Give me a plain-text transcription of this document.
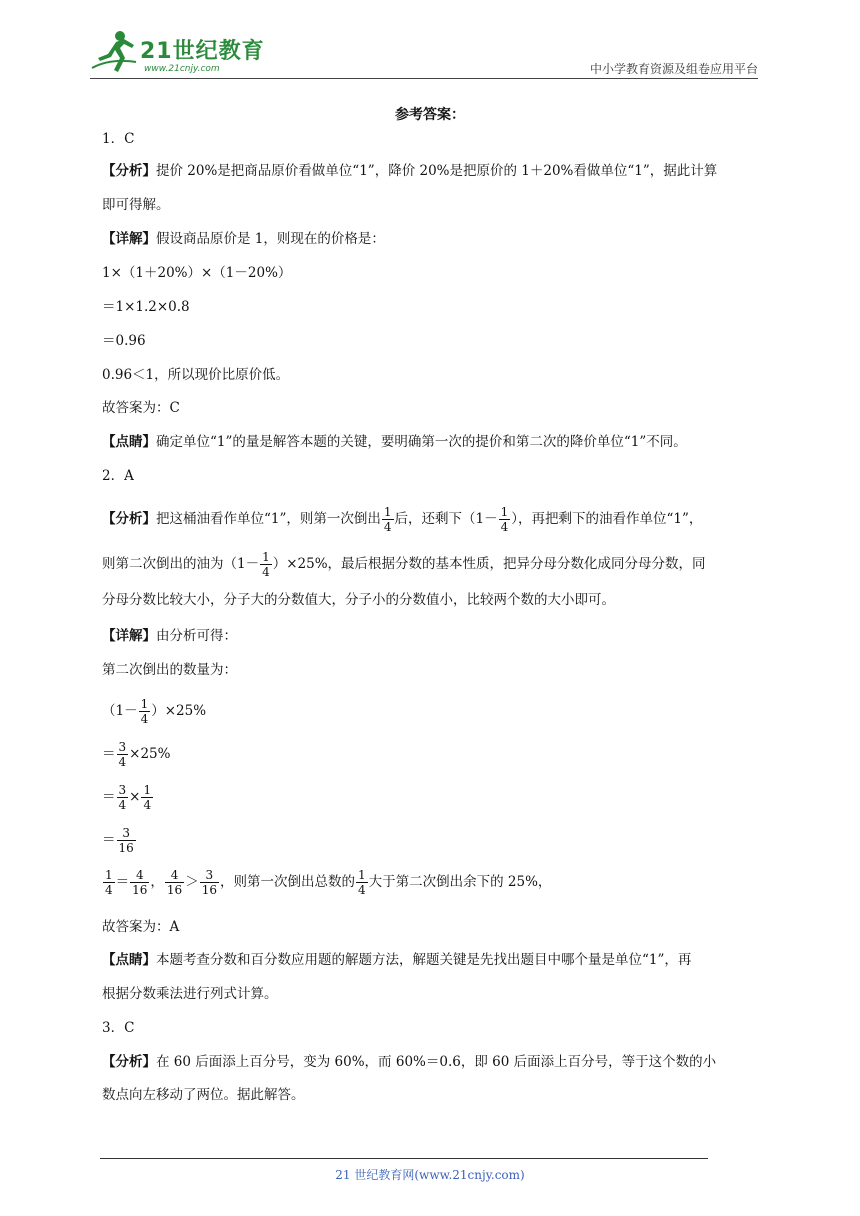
21世纪教育
www.21cnjy.com	中小学教育资源及组卷应用平台
参考答案：
1．C
【分析】提价 20%是把商品原价看做单位“1”，降价 20%是把原价的 1＋20%看做单位“1”，据此计算
即可得解。
【详解】假设商品原价是 1，则现在的价格是：
1×（1＋20%）×（1－20%）
＝1×1.2×0.8
＝0.96
0.96＜1，所以现价比原价低。
故答案为：C
【点睛】确定单位“1”的量是解答本题的关键，要明确第一次的提价和第二次的降价单位“1”不同。
2．A
【分析】把这桶油看作单位“1”，则第一次倒出 $\frac{1}{4}$ 后，还剩下（$1- \frac{1}{4}$ ），再把剩下的油看作单位“1”，
则第二次倒出的油为$(1- \frac{1}{4} )\times 25\%$，最后根据分数的基本性质，把异分母分数化成同分母分数，同
分母分数比较大小，分子大的分数值大，分子小的分数值小，比较两个数的大小即可。
【详解】由分析可得：
第二次倒出的数量为：
$(1- \frac{1}{4} )\times 25\%$
＝ $\frac{3}{4} \times 25\%$
＝ $\frac{3}{4} \times \frac{1}{4}$
＝ $\frac{3}{16}$
$\frac{1}{4} = \frac{4}{16}$ ， $\frac{4}{16} > \frac{3}{16}$ ，则第一次倒出总数的 $\frac{1}{4}$ 大于第二次倒出余下的 25%，
故答案为：A
【点睛】本题考查分数和百分数应用题的解题方法，解题关键是先找出题目中哪个量是单位“1”，再
根据分数乘法进行列式计算。
3．C
【分析】在 60 后面添上百分号，变为 60%，而 60%＝0.6，即 60 后面添上百分号，等于这个数的小
数点向左移动了两位。据此解答。
21 世纪教育网(www.21cnjy.com)
